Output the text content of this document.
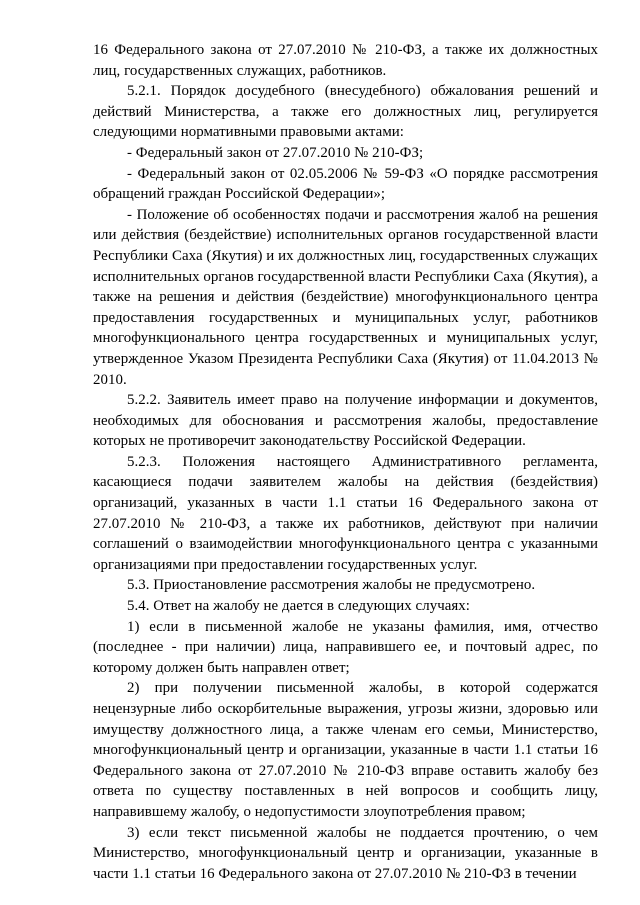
16 Федерального закона от 27.07.2010 № 210-ФЗ, а также их должностных лиц, государственных служащих, работников.

5.2.1. Порядок досудебного (внесудебного) обжалования решений и действий Министерства, а также его должностных лиц, регулируется следующими нормативными правовыми актами:

- Федеральный закон от 27.07.2010 № 210-ФЗ;

- Федеральный закон от 02.05.2006 № 59-ФЗ «О порядке рассмотрения обращений граждан Российской Федерации»;

- Положение об особенностях подачи и рассмотрения жалоб на решения или действия (бездействие) исполнительных органов государственной власти Республики Саха (Якутия) и их должностных лиц, государственных служащих исполнительных органов государственной власти Республики Саха (Якутия), а также на решения и действия (бездействие) многофункционального центра предоставления государственных и муниципальных услуг, работников многофункционального центра государственных и муниципальных услуг, утвержденное Указом Президента Республики Саха (Якутия) от 11.04.2013 № 2010.

5.2.2. Заявитель имеет право на получение информации и документов, необходимых для обоснования и рассмотрения жалобы, предоставление которых не противоречит законодательству Российской Федерации.

5.2.3. Положения настоящего Административного регламента, касающиеся подачи заявителем жалобы на действия (бездействия) организаций, указанных в части 1.1 статьи 16 Федерального закона от 27.07.2010 № 210-ФЗ, а также их работников, действуют при наличии соглашений о взаимодействии многофункционального центра с указанными организациями при предоставлении государственных услуг.

5.3. Приостановление рассмотрения жалобы не предусмотрено.

5.4. Ответ на жалобу не дается в следующих случаях:

1) если в письменной жалобе не указаны фамилия, имя, отчество (последнее - при наличии) лица, направившего ее, и почтовый адрес, по которому должен быть направлен ответ;

2) при получении письменной жалобы, в которой содержатся нецензурные либо оскорбительные выражения, угрозы жизни, здоровью или имуществу должностного лица, а также членам его семьи, Министерство, многофункциональный центр и организации, указанные в части 1.1 статьи 16 Федерального закона от 27.07.2010 № 210-ФЗ вправе оставить жалобу без ответа по существу поставленных в ней вопросов и сообщить лицу, направившему жалобу, о недопустимости злоупотребления правом;

3) если текст письменной жалобы не поддается прочтению, о чем Министерство, многофункциональный центр и организации, указанные в части 1.1 статьи 16 Федерального закона от 27.07.2010 № 210-ФЗ в течении
